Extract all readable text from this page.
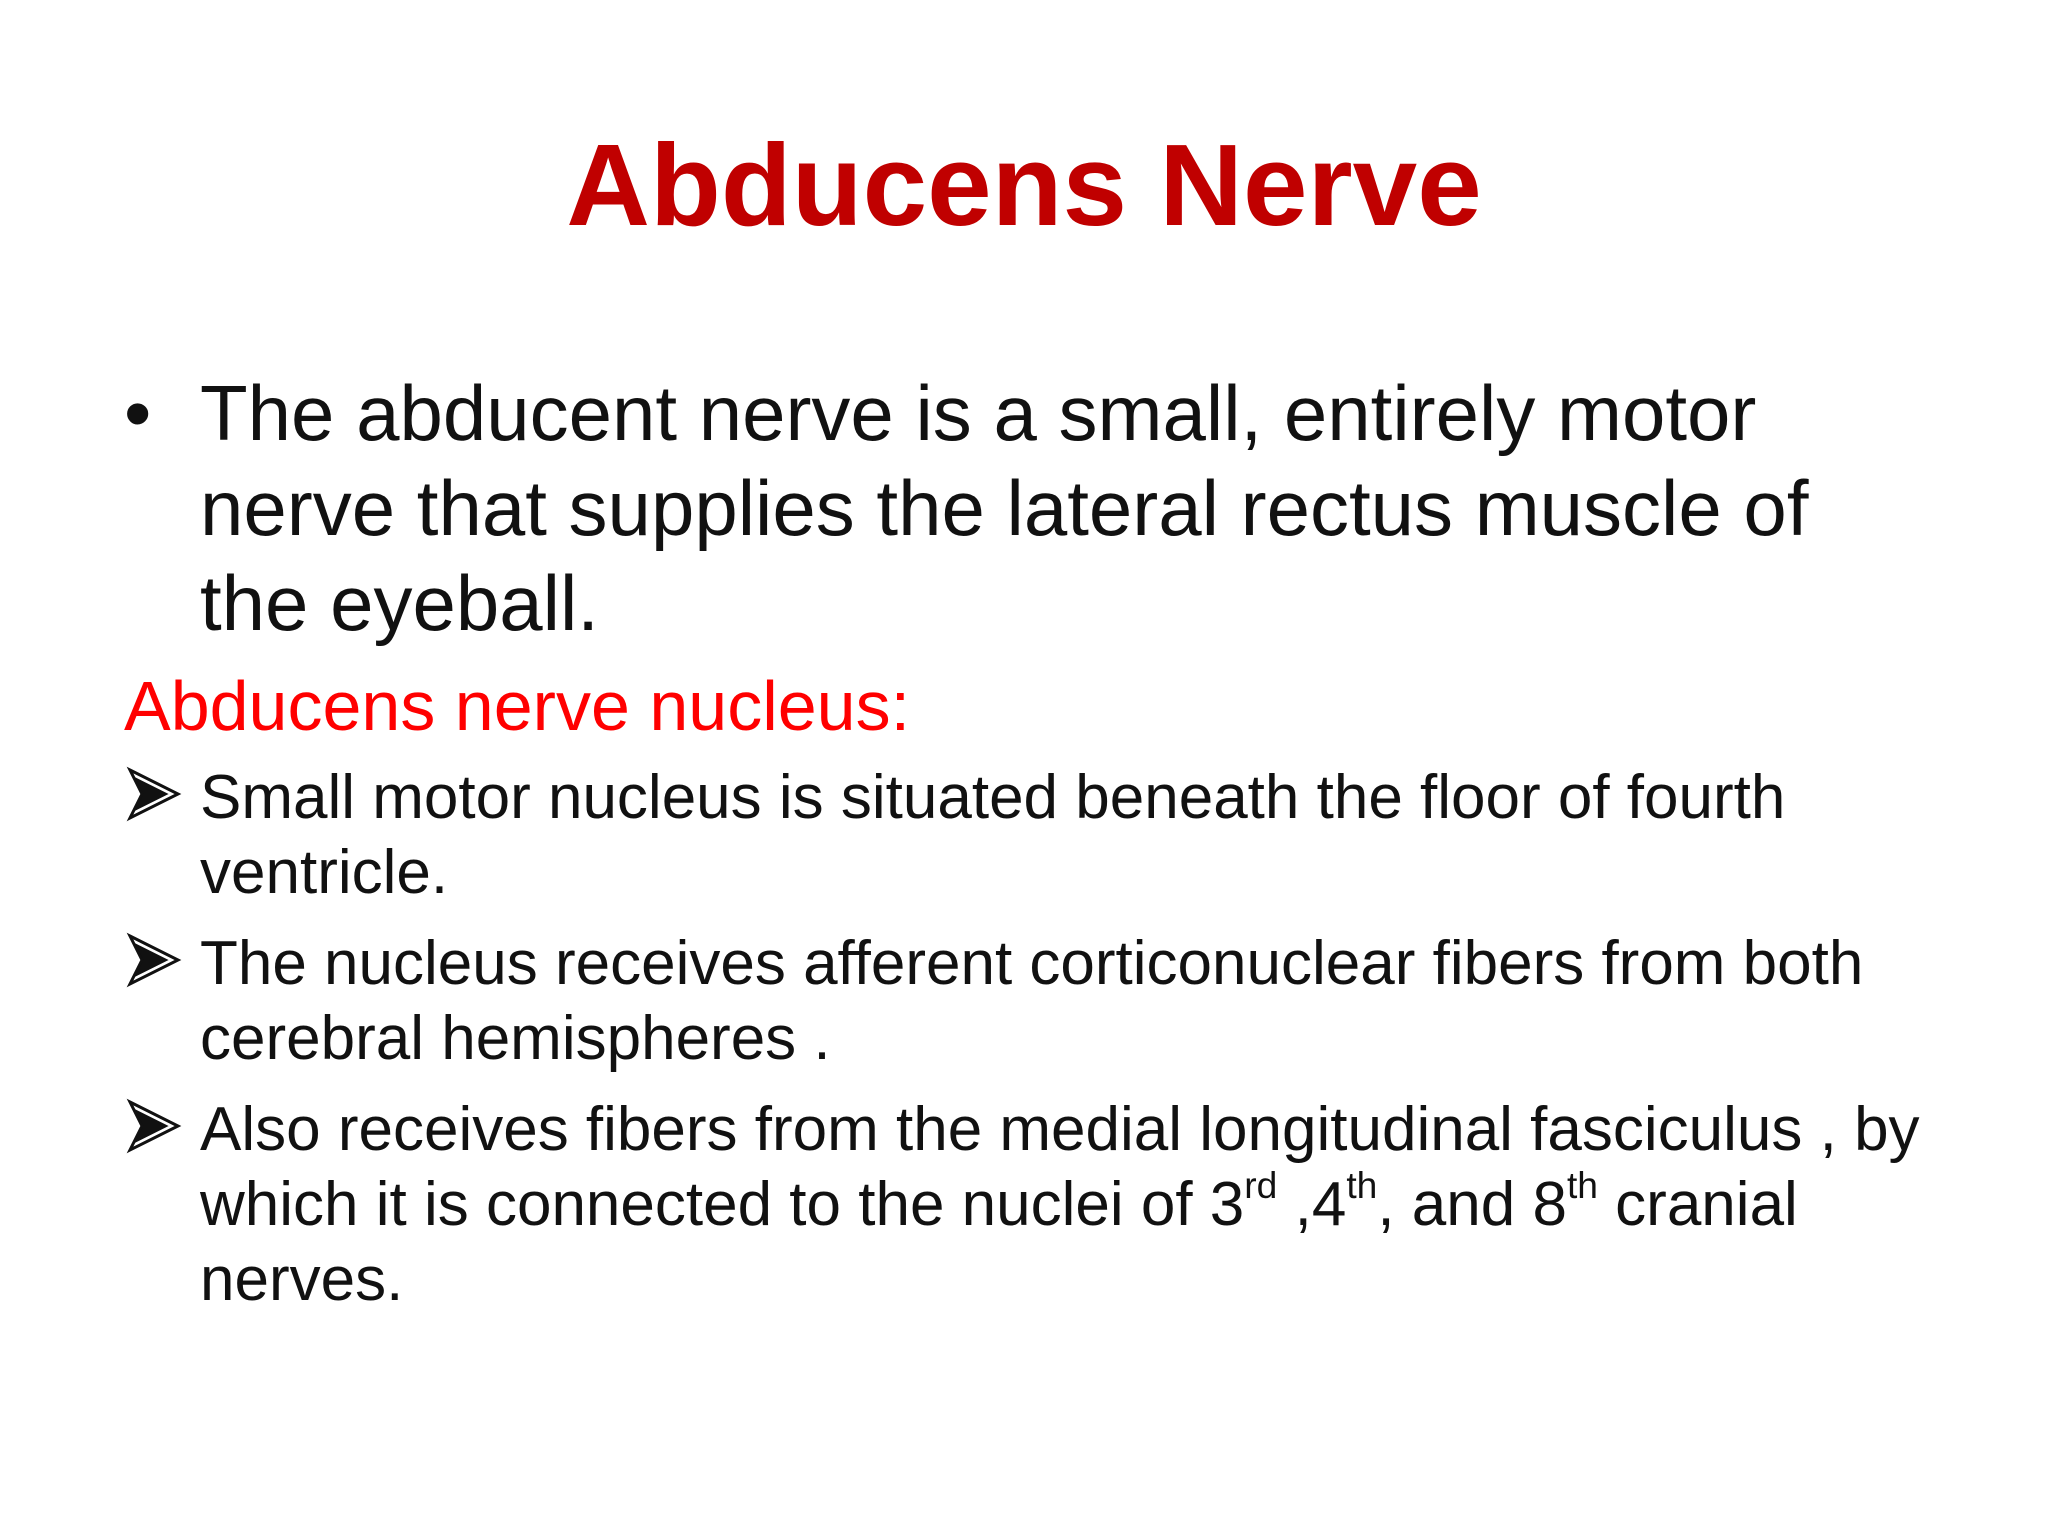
Abducens Nerve
• The abducent nerve is a small, entirely motor nerve that supplies the lateral rectus muscle of the eyeball.
Abducens nerve nucleus:
Small motor nucleus is situated beneath the floor of fourth ventricle.
The nucleus receives afferent corticonuclear fibers from both cerebral hemispheres .
Also receives fibers from the medial longitudinal fasciculus , by which it is connected to the nuclei of 3rd ,4th, and 8th cranial nerves.
